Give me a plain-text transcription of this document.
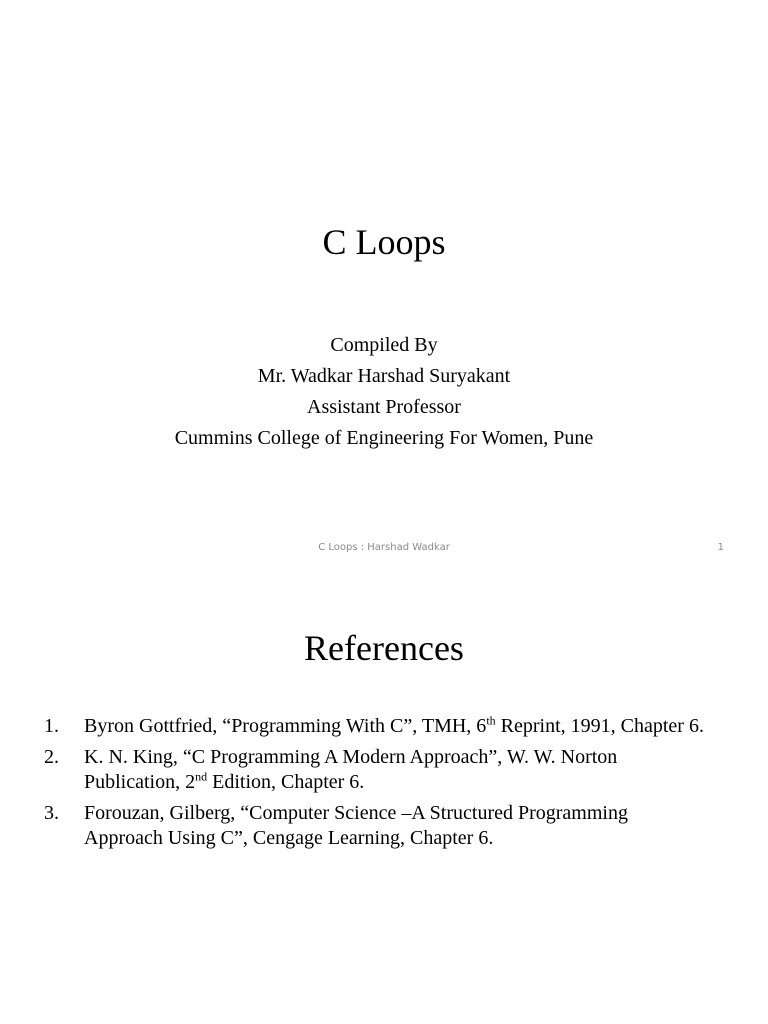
C Loops
Compiled By
Mr. Wadkar Harshad Suryakant
Assistant Professor
Cummins College of Engineering For Women, Pune
C Loops : Harshad Wadkar	1
References
1. Byron Gottfried, “Programming With C”, TMH, 6th Reprint, 1991, Chapter 6.
2. K. N. King, “C Programming A Modern Approach”, W. W. Norton Publication, 2nd Edition, Chapter 6.
3. Forouzan, Gilberg, “Computer Science –A Structured Programming Approach Using C”, Cengage Learning, Chapter 6.
